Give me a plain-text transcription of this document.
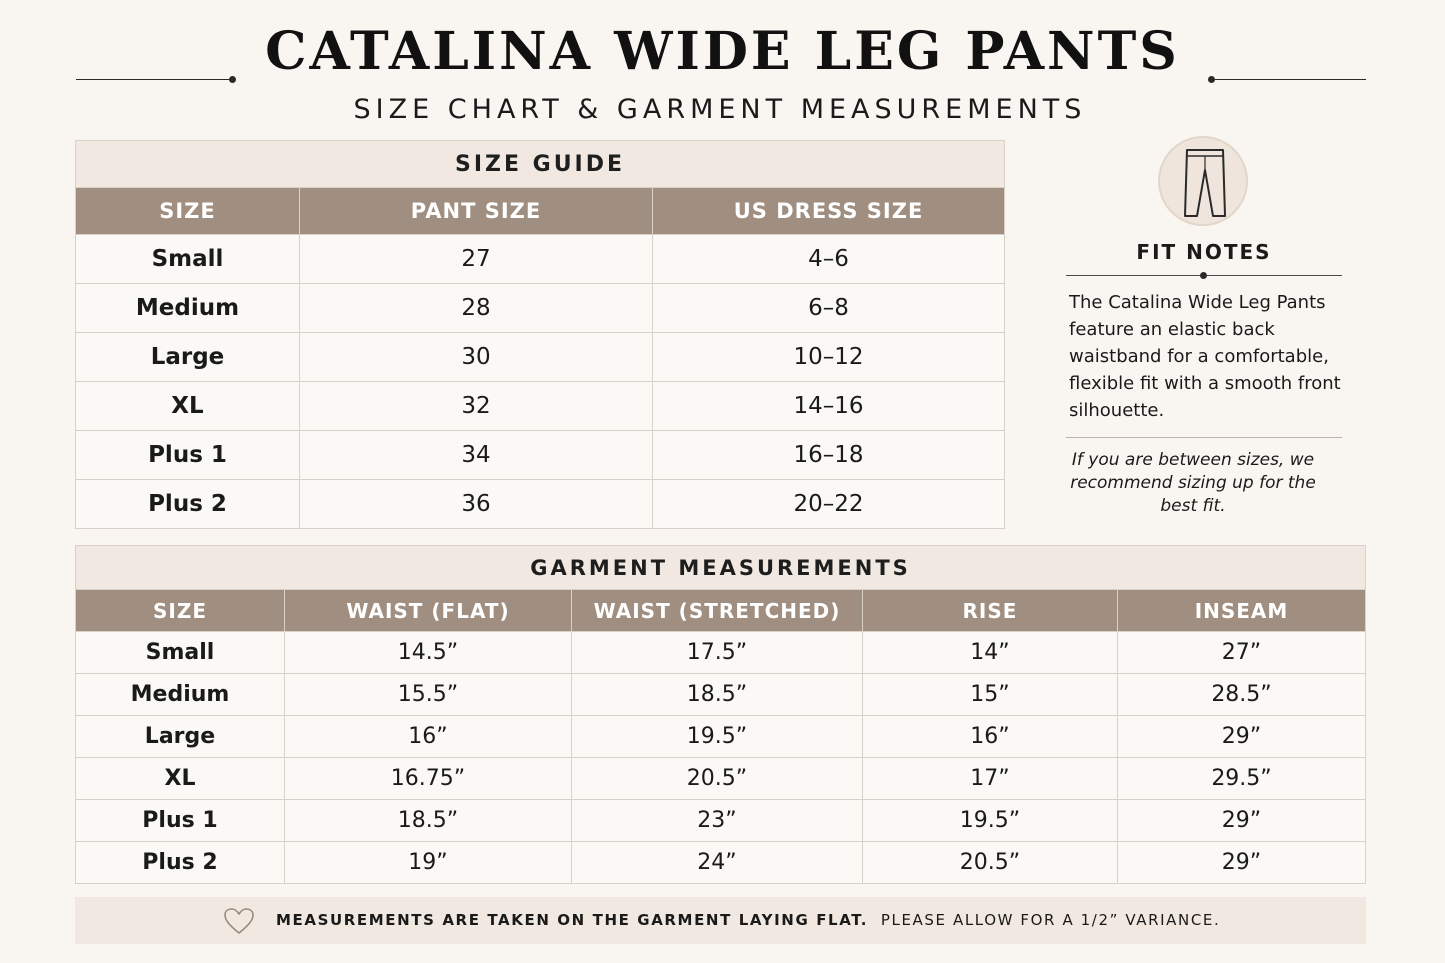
CATALINA WIDE LEG PANTS
SIZE CHART & GARMENT MEASUREMENTS
SIZE GUIDE		
SIZE	PANT SIZE	US DRESS SIZE
Small	27	4–6
Medium	28	6–8
Large	30	10–12
XL	32	14–16
Plus 1	34	16–18
Plus 2	36	20–22
FIT NOTES
The Catalina Wide Leg Pants feature an elastic back waistband for a comfortable, flexible fit with a smooth front silhouette.
If you are between sizes, we recommend sizing up for the best fit.
GARMENT MEASUREMENTS				
SIZE	WAIST (FLAT)	WAIST (STRETCHED)	RISE	INSEAM
Small	14.5”	17.5”	14”	27”
Medium	15.5”	18.5”	15”	28.5”
Large	16”	19.5”	16”	29”
XL	16.75”	20.5”	17”	29.5”
Plus 1	18.5”	23”	19.5”	29”
Plus 2	19”	24”	20.5”	29”
MEASUREMENTS ARE TAKEN ON THE GARMENT LAYING FLAT. PLEASE ALLOW FOR A 1/2” VARIANCE.
